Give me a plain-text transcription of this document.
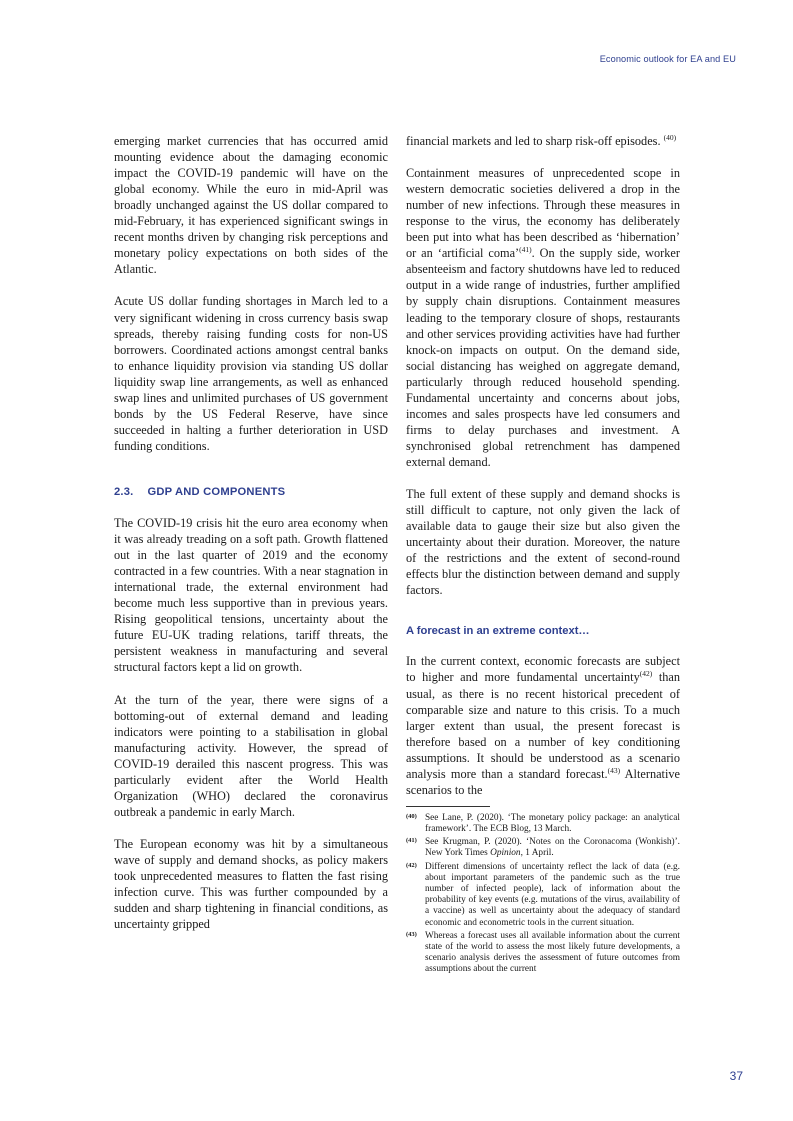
Economic outlook for EA and EU

emerging market currencies that has occurred amid mounting evidence about the damaging economic impact the COVID-19 pandemic will have on the global economy. While the euro in mid-April was broadly unchanged against the US dollar compared to mid-February, it has experienced significant swings in recent months driven by changing risk perceptions and monetary policy expectations on both sides of the Atlantic.

Acute US dollar funding shortages in March led to a very significant widening in cross currency basis swap spreads, thereby raising funding costs for non-US borrowers. Coordinated actions amongst central banks to enhance liquidity provision via standing US dollar liquidity swap line arrangements, as well as enhanced swap lines and unlimited purchases of US government bonds by the US Federal Reserve, have since succeeded in halting a further deterioration in USD funding conditions.

2.3. GDP AND COMPONENTS

The COVID-19 crisis hit the euro area economy when it was already treading on a soft path. Growth flattened out in the last quarter of 2019 and the economy contracted in a few countries. With a near stagnation in international trade, the external environment had become much less supportive than in previous years. Rising geopolitical tensions, uncertainty about the future EU-UK trading relations, tariff threats, the persistent weakness in manufacturing and several structural factors kept a lid on growth.

At the turn of the year, there were signs of a bottoming-out of external demand and leading indicators were pointing to a stabilisation in global manufacturing activity. However, the spread of COVID-19 derailed this nascent progress. This was particularly evident after the World Health Organization (WHO) declared the coronavirus outbreak a pandemic in early March.

The European economy was hit by a simultaneous wave of supply and demand shocks, as policy makers took unprecedented measures to flatten the fast rising infection curve. This was further compounded by a sudden and sharp tightening in financial conditions, as uncertainty gripped

financial markets and led to sharp risk-off episodes. $^{(40)}$

Containment measures of unprecedented scope in western democratic societies delivered a drop in the number of new infections. Through these measures in response to the virus, the economy has deliberately been put into what has been described as ‘hibernation’ or an ‘artificial coma’$^{(41)}$. On the supply side, worker absenteeism and factory shutdowns have led to reduced output in a wide range of industries, further amplified by supply chain disruptions. Containment measures leading to the temporary closure of shops, restaurants and other services providing activities have had further knock-on impacts on output. On the demand side, social distancing has weighed on aggregate demand, particularly through reduced household spending. Fundamental uncertainty and concerns about jobs, incomes and sales prospects have led consumers and firms to delay purchases and investment. A synchronised global retrenchment has dampened external demand.

The full extent of these supply and demand shocks is still difficult to capture, not only given the lack of available data to gauge their size but also given the uncertainty about their duration. Moreover, the nature of the restrictions and the extent of second-round effects blur the distinction between demand and supply factors.

A forecast in an extreme context…

In the current context, economic forecasts are subject to higher and more fundamental uncertainty$^{(42)}$ than usual, as there is no recent historical precedent of comparable size and nature to this crisis. To a much larger extent than usual, the present forecast is therefore based on a number of key conditioning assumptions. It should be understood as a scenario analysis more than a standard forecast.$^{(43)}$ Alternative scenarios to the

(40) See Lane, P. (2020). ‘The monetary policy package: an analytical framework’. The ECB Blog, 13 March.
(41) See Krugman, P. (2020). ‘Notes on the Coronacoma (Wonkish)’. New York Times Opinion, 1 April.
(42) Different dimensions of uncertainty reflect the lack of data (e.g. about important parameters of the pandemic such as the true number of infected people), lack of information about the probability of key events (e.g. mutations of the virus, availability of a vaccine) as well as uncertainty about the adequacy of standard economic and econometric tools in the current situation.
(43) Whereas a forecast uses all available information about the current state of the world to assess the most likely future developments, a scenario analysis derives the assessment of future outcomes from assumptions about the current
37
